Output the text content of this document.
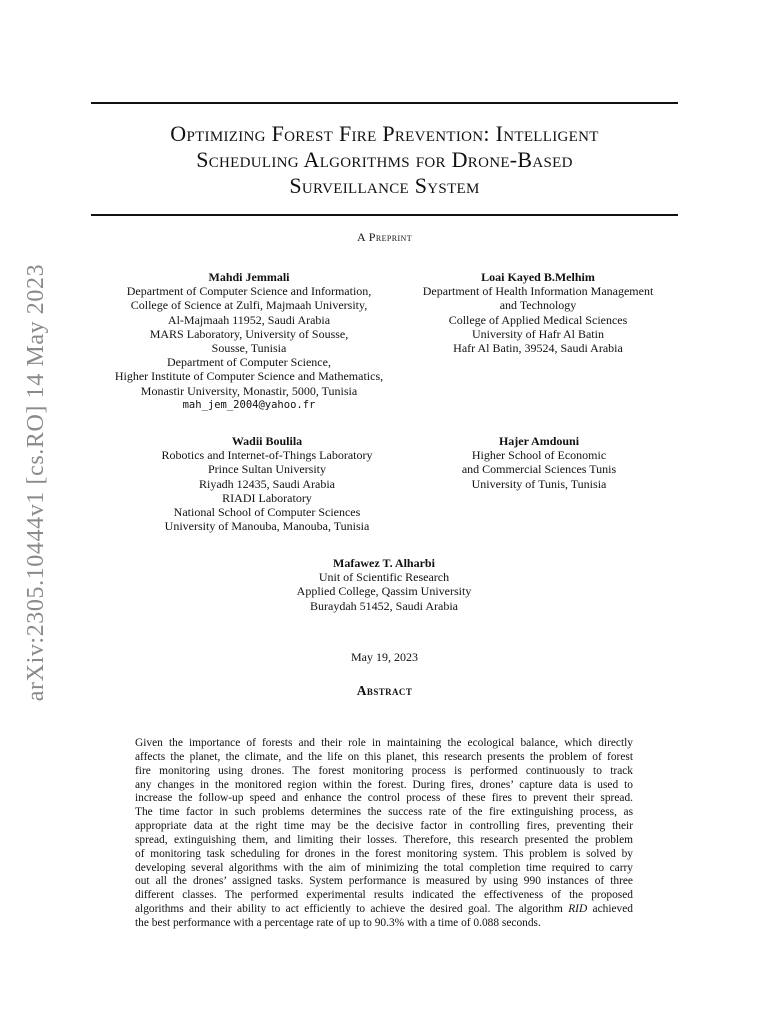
arXiv:2305.10444v1 [cs.RO] 14 May 2023
Optimizing Forest Fire Prevention: Intelligent
Scheduling Algorithms for Drone-Based
Surveillance System
A Preprint
Mahdi Jemmali
Department of Computer Science and Information,
College of Science at Zulfi, Majmaah University,
Al-Majmaah 11952, Saudi Arabia
MARS Laboratory, University of Sousse,
Sousse, Tunisia
Department of Computer Science,
Higher Institute of Computer Science and Mathematics,
Monastir University, Monastir, 5000, Tunisia
mah_jem_2004@yahoo.fr
Loai Kayed B.Melhim
Department of Health Information Management
and Technology
College of Applied Medical Sciences
University of Hafr Al Batin
Hafr Al Batin, 39524, Saudi Arabia
Wadii Boulila
Robotics and Internet-of-Things Laboratory
Prince Sultan University
Riyadh 12435, Saudi Arabia
RIADI Laboratory
National School of Computer Sciences
University of Manouba, Manouba, Tunisia
Hajer Amdouni
Higher School of Economic
and Commercial Sciences Tunis
University of Tunis, Tunisia
Mafawez T. Alharbi
Unit of Scientific Research
Applied College, Qassim University
Buraydah 51452, Saudi Arabia
May 19, 2023
Abstract
Given the importance of forests and their role in maintaining the ecological balance, which directly
affects the planet, the climate, and the life on this planet, this research presents the problem of forest
fire monitoring using drones. The forest monitoring process is performed continuously to track
any changes in the monitored region within the forest. During fires, drones’ capture data is used to
increase the follow-up speed and enhance the control process of these fires to prevent their spread.
The time factor in such problems determines the success rate of the fire extinguishing process, as
appropriate data at the right time may be the decisive factor in controlling fires, preventing their
spread, extinguishing them, and limiting their losses. Therefore, this research presented the problem
of monitoring task scheduling for drones in the forest monitoring system. This problem is solved by
developing several algorithms with the aim of minimizing the total completion time required to carry
out all the drones’ assigned tasks. System performance is measured by using 990 instances of three
different classes. The performed experimental results indicated the effectiveness of the proposed
algorithms and their ability to act efficiently to achieve the desired goal. The algorithm RID achieved
the best performance with a percentage rate of up to 90.3% with a time of 0.088 seconds.
